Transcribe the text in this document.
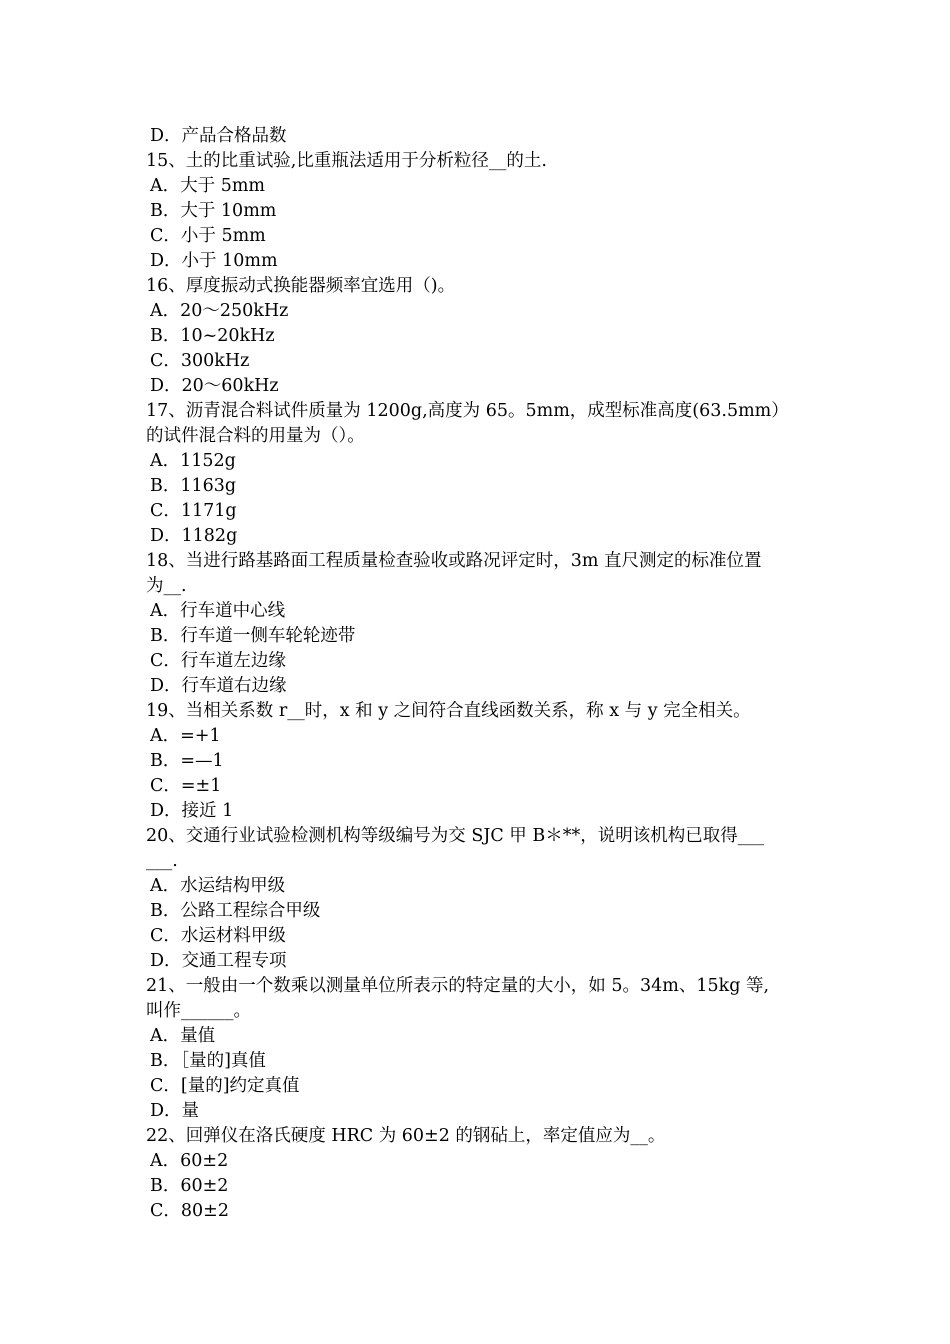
D．产品合格品数
15、土的比重试验,比重瓶法适用于分析粒径__的土.
A．大于 5mm
B．大于 10mm
C．小于 5mm
D．小于 10mm
16、厚度振动式换能器频率宜选用（)。
A．20～250kHz
B．10~20kHz
C．300kHz
D．20～60kHz
17、沥青混合料试件质量为 1200g,高度为 65。5mm，成型标准高度(63.5mm）
的试件混合料的用量为（）。
A．1152g
B．1163g
C．1171g
D．1182g
18、当进行路基路面工程质量检查验收或路况评定时，3m 直尺测定的标准位置
为__.
A．行车道中心线
B．行车道一侧车轮轮迹带
C．行车道左边缘
D．行车道右边缘
19、当相关系数 r__时，x 和 y 之间符合直线函数关系，称 x 与 y 完全相关。
A．=+1
B．=—1
C．=±1
D．接近 1
20、交通行业试验检测机构等级编号为交 SJC 甲 B＊**，说明该机构已取得___
___.
A．水运结构甲级
B．公路工程综合甲级
C．水运材料甲级
D．交通工程专项
21、一般由一个数乘以测量单位所表示的特定量的大小，如 5。34m、15kg 等,
叫作______。
A．量值
B．［量的]真值
C．[量的]约定真值
D．量
22、回弹仪在洛氏硬度 HRC 为 60±2 的钢砧上，率定值应为__。
A．60±2
B．60±2
C．80±2
